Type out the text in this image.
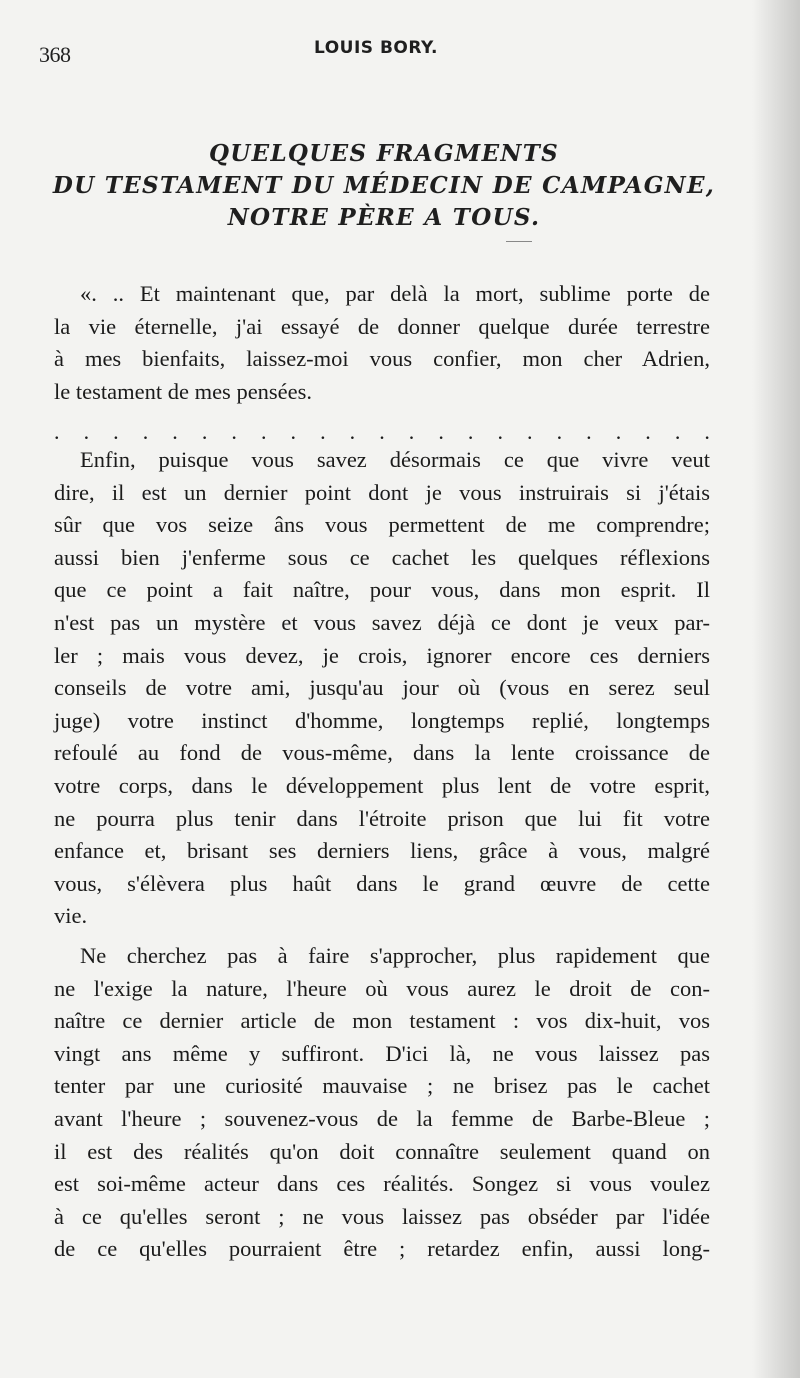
368	LOUIS BORY.
QUELQUES FRAGMENTS
DU TESTAMENT DU MÉDECIN DE CAMPAGNE,
NOTRE PÈRE A TOUS.
«. .. Et maintenant que, par delà la mort, sublime porte de
la vie éternelle, j'ai essayé de donner quelque durée terrestre
à mes bienfaits, laissez-moi vous confier, mon cher Adrien,
le testament de mes pensées.
. . . . . . . . . . . . . . . . . . . . . . .
Enfin, puisque vous savez désormais ce que vivre veut
dire, il est un dernier point dont je vous instruirais si j'étais
sûr que vos seize âns vous permettent de me comprendre;
aussi bien j'enferme sous ce cachet les quelques réflexions
que ce point a fait naître, pour vous, dans mon esprit. Il
n'est pas un mystère et vous savez déjà ce dont je veux par-
ler ; mais vous devez, je crois, ignorer encore ces derniers
conseils de votre ami, jusqu'au jour où (vous en serez seul
juge) votre instinct d'homme, longtemps replié, longtemps
refoulé au fond de vous-même, dans la lente croissance de
votre corps, dans le développement plus lent de votre esprit,
ne pourra plus tenir dans l'étroite prison que lui fit votre
enfance et, brisant ses derniers liens, grâce à vous, malgré
vous, s'élèvera plus haût dans le grand œuvre de cette
vie.
Ne cherchez pas à faire s'approcher, plus rapidement que
ne l'exige la nature, l'heure où vous aurez le droit de con-
naître ce dernier article de mon testament : vos dix-huit, vos
vingt ans même y suffiront. D'ici là, ne vous laissez pas
tenter par une curiosité mauvaise ; ne brisez pas le cachet
avant l'heure ; souvenez-vous de la femme de Barbe-Bleue ;
il est des réalités qu'on doit connaître seulement quand on
est soi-même acteur dans ces réalités. Songez si vous voulez
à ce qu'elles seront ; ne vous laissez pas obséder par l'idée
de ce qu'elles pourraient être ; retardez enfin, aussi long-
